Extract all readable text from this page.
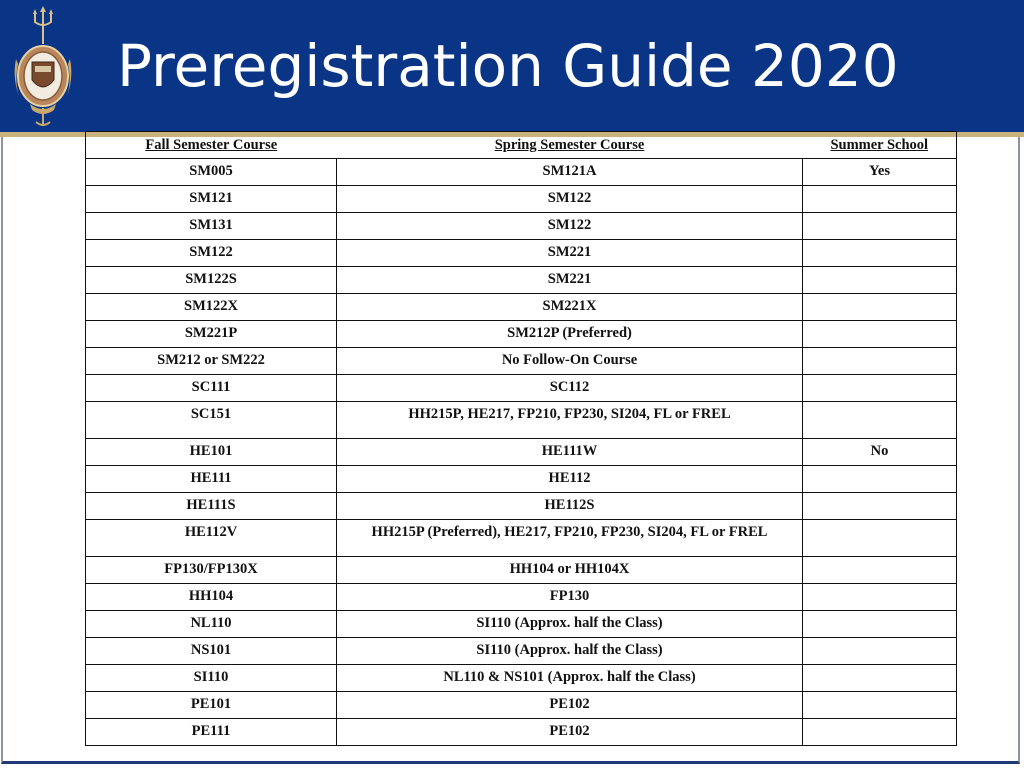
Preregistration Guide 2020
Fall Semester Course	Spring Semester Course	Summer School
SM005	SM121A	Yes
SM121	SM122	
SM131	SM122	
SM122	SM221	
SM122S	SM221	
SM122X	SM221X	
SM221P	SM212P (Preferred)	
SM212 or SM222	No Follow-On Course	
SC111	SC112	
SC151	HH215P, HE217, FP210, FP230, SI204, FL or FREL	
HE101	HE111W	No
HE111	HE112	
HE111S	HE112S	
HE112V	HH215P (Preferred), HE217, FP210, FP230, SI204, FL or FREL	
FP130/FP130X	HH104 or HH104X	
HH104	FP130	
NL110	SI110 (Approx. half the Class)	
NS101	SI110 (Approx. half the Class)	
SI110	NL110 & NS101 (Approx. half the Class)	
PE101	PE102	
PE111	PE102	
